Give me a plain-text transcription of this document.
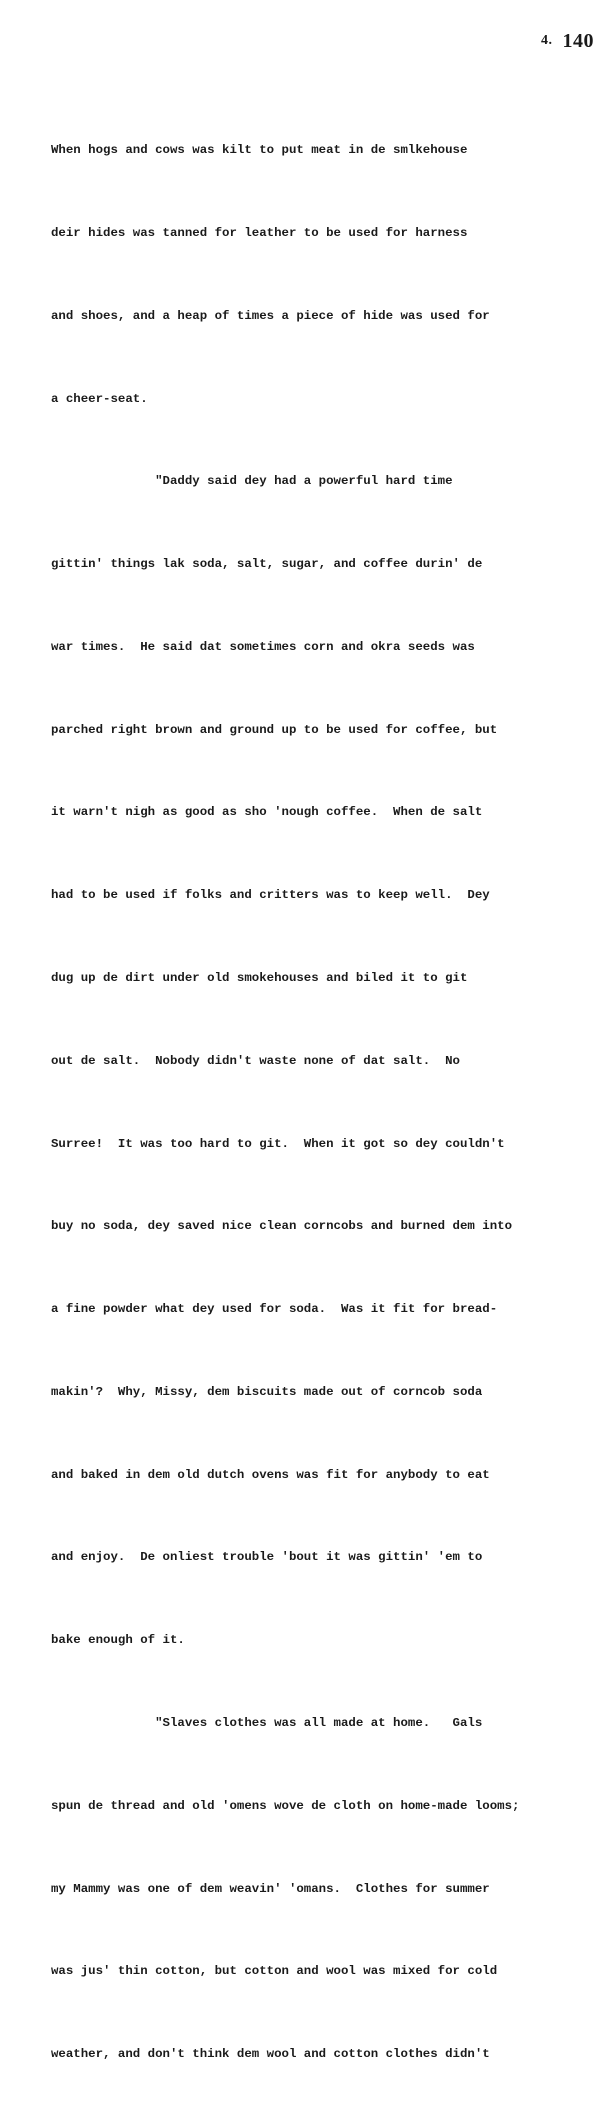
4. 140

When hogs and cows was kilt to put meat in de smlkehouse

deir hides was tanned for leather to be used for harness

and shoes, and a heap of times a piece of hide was used for

a cheer-seat.

"Daddy said dey had a powerful hard time

gittin' things lak soda, salt, sugar, and coffee durin' de

war times.  He said dat sometimes corn and okra seeds was

parched right brown and ground up to be used for coffee, but

it warn't nigh as good as sho 'nough coffee.  When de salt

had to be used if folks and critters was to keep well.  Dey

dug up de dirt under old smokehouses and biled it to git

out de salt.  Nobody didn't waste none of dat salt.  No

Surree!  It was too hard to git.  When it got so dey couldn't

buy no soda, dey saved nice clean corncobs and burned dem into

a fine powder what dey used for soda.  Was it fit for bread-

makin'?  Why, Missy, dem biscuits made out of corncob soda

and baked in dem old dutch ovens was fit for anybody to eat

and enjoy.  De onliest trouble 'bout it was gittin' 'em to

bake enough of it.

"Slaves clothes was all made at home.   Gals

spun de thread and old 'omens wove de cloth on home-made looms;

my Mammy was one of dem weavin' 'omans.  Clothes for summer

was jus' thin cotton, but cotton and wool was mixed for cold

weather, and don't think dem wool and cotton clothes didn't
